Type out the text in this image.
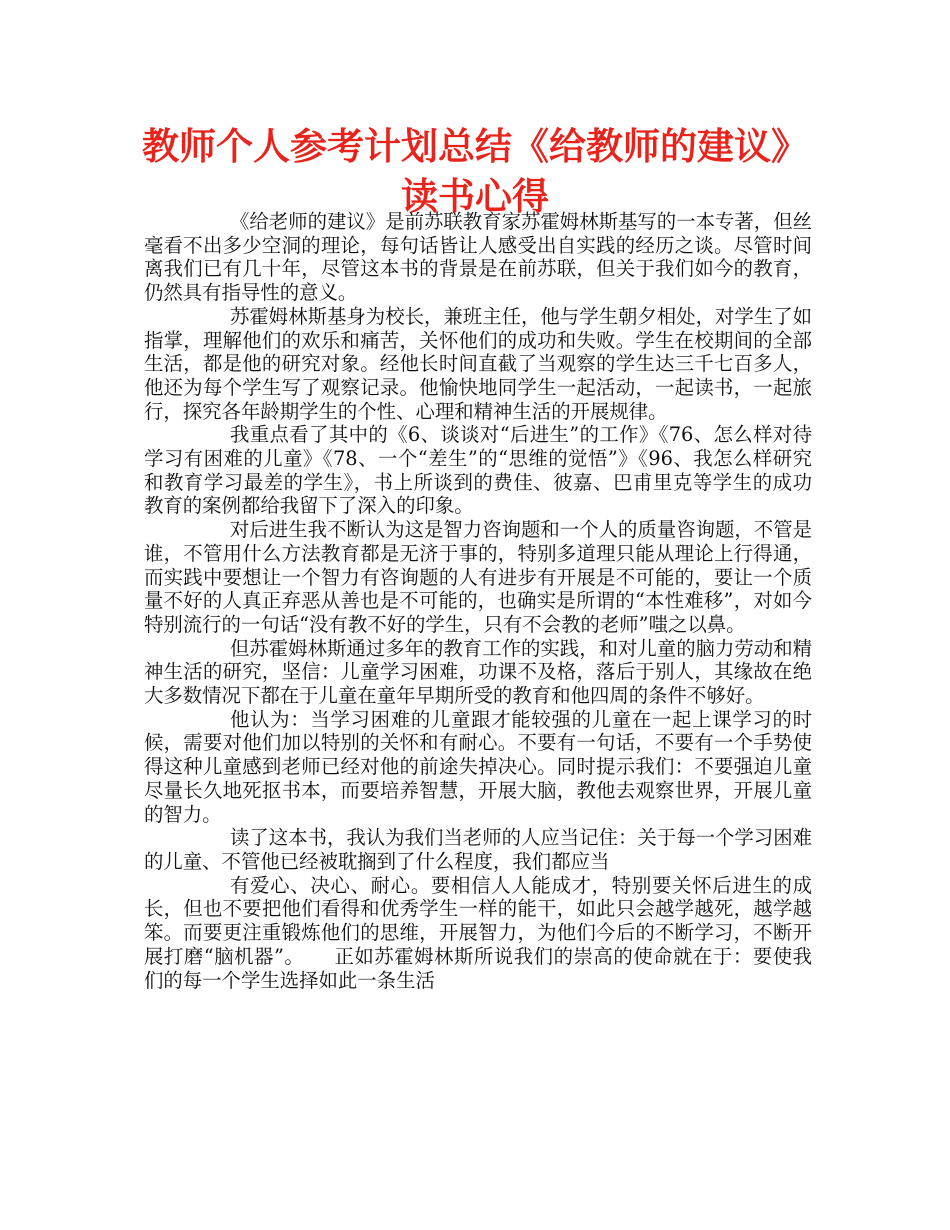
教师个人参考计划总结《给教师的建议》
读书心得

《给老师的建议》是前苏联教育家苏霍姆林斯基写的一本专著，但丝毫看不出多少空洞的理论，每句话皆让人感受出自实践的经历之谈。尽管时间离我们已有几十年，尽管这本书的背景是在前苏联，但关于我们如今的教育，仍然具有指导性的意义。

苏霍姆林斯基身为校长，兼班主任，他与学生朝夕相处，对学生了如指掌，理解他们的欢乐和痛苦，关怀他们的成功和失败。学生在校期间的全部生活，都是他的研究对象。经他长时间直截了当观察的学生达三千七百多人，他还为每个学生写了观察记录。他愉快地同学生一起活动，一起读书，一起旅行，探究各年龄期学生的个性、心理和精神生活的开展规律。

我重点看了其中的《6、谈谈对“后进生”的工作》《76、怎么样对待学习有困难的儿童》《78、一个“差生”的“思维的觉悟”》《96、我怎么样研究和教育学习最差的学生》，书上所谈到的费佳、彼嘉、巴甫里克等学生的成功教育的案例都给我留下了深入的印象。

对后进生我不断认为这是智力咨询题和一个人的质量咨询题，不管是谁，不管用什么方法教育都是无济于事的，特别多道理只能从理论上行得通，而实践中要想让一个智力有咨询题的人有进步有开展是不可能的，要让一个质量不好的人真正弃恶从善也是不可能的，也确实是所谓的“本性难移”，对如今特别流行的一句话“没有教不好的学生，只有不会教的老师”嗤之以鼻。

但苏霍姆林斯通过多年的教育工作的实践，和对儿童的脑力劳动和精神生活的研究，坚信：儿童学习困难，功课不及格，落后于别人，其缘故在绝大多数情况下都在于儿童在童年早期所受的教育和他四周的条件不够好。

他认为：当学习困难的儿童跟才能较强的儿童在一起上课学习的时候，需要对他们加以特别的关怀和有耐心。不要有一句话，不要有一个手势使得这种儿童感到老师已经对他的前途失掉决心。同时提示我们：不要强迫儿童尽量长久地死抠书本，而要培养智慧，开展大脑，教他去观察世界，开展儿童的智力。

读了这本书，我认为我们当老师的人应当记住：关于每一个学习困难的儿童、不管他已经被耽搁到了什么程度，我们都应当

有爱心、决心、耐心。要相信人人能成才，特别要关怀后进生的成长，但也不要把他们看得和优秀学生一样的能干，如此只会越学越死，越学越笨。而要更注重锻炼他们的思维，开展智力，为他们今后的不断学习，不断开展打磨“脑机器”。　　正如苏霍姆林斯所说我们的崇高的使命就在于：要使我们的每一个学生选择如此一条生活
